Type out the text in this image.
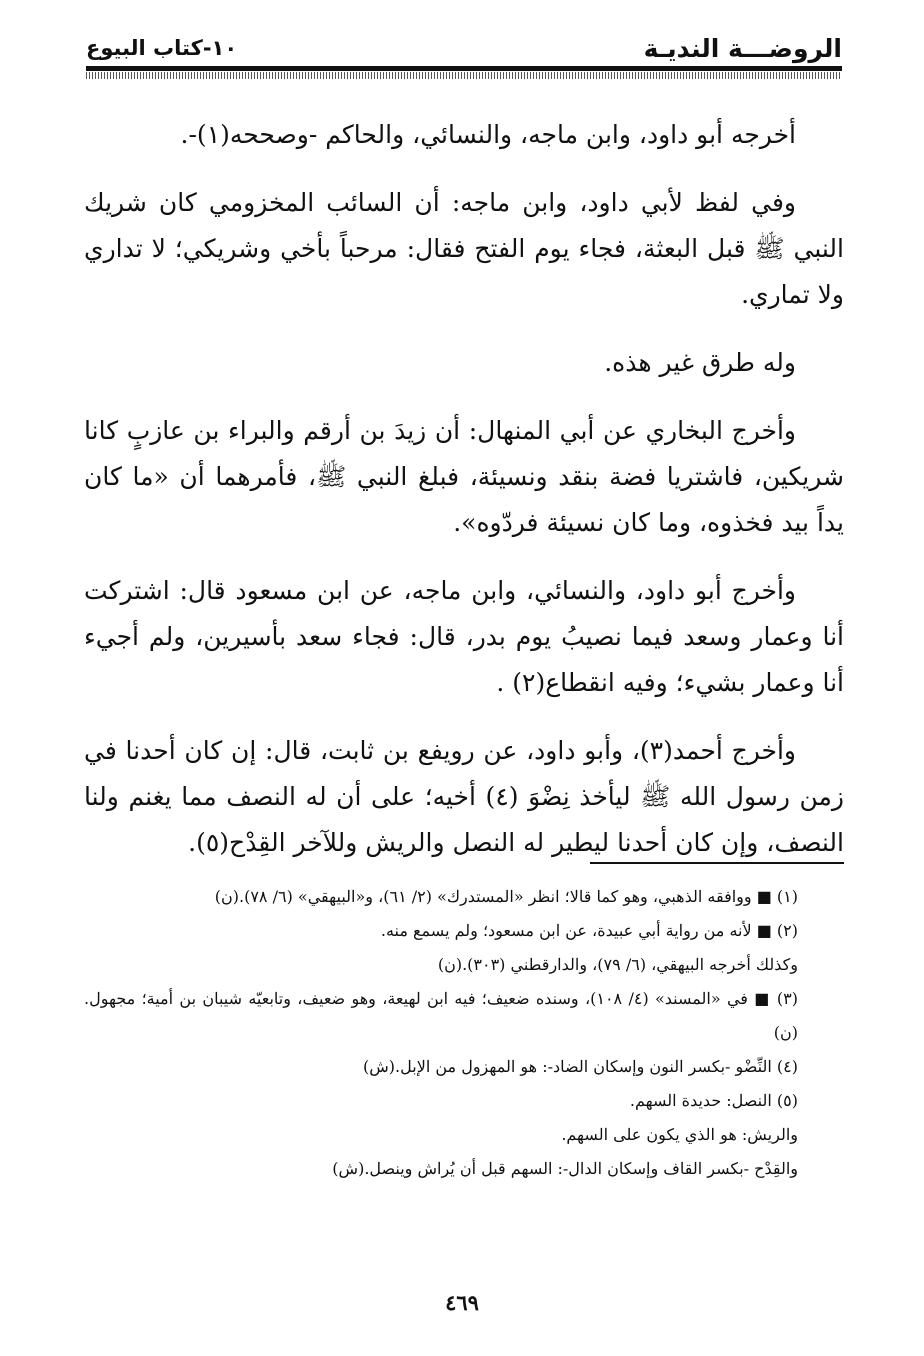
الروضـــة النديـة
١٠-كتاب البيوع

أخرجه أبو داود، وابن ماجه، والنسائي، والحاكم -وصححه(١)-.

وفي لفظ لأبي داود، وابن ماجه: أن السائب المخزومي كان شريك النبي ﷺ قبل البعثة، فجاء يوم الفتح فقال: مرحباً بأخي وشريكي؛ لا تداري ولا تماري.

وله طرق غير هذه.

وأخرج البخاري عن أبي المنهال: أن زيدَ بن أرقم والبراء بن عازبٍ كانا شريكين، فاشتريا فضة بنقد ونسيئة، فبلغ النبي ﷺ، فأمرهما أن «ما كان يداً بيد فخذوه، وما كان نسيئة فردّوه».

وأخرج أبو داود، والنسائي، وابن ماجه، عن ابن مسعود قال: اشتركت أنا وعمار وسعد فيما نصيبُ يوم بدر، قال: فجاء سعد بأسيرين، ولم أجيء أنا وعمار بشيء؛ وفيه انقطاع(٢) .

وأخرج أحمد(٣)، وأبو داود، عن رويفع بن ثابت، قال: إن كان أحدنا في زمن رسول الله ﷺ ليأخذ نِضْوَ (٤) أخيه؛ على أن له النصف مما يغنم ولنا النصف، وإن كان أحدنا ليطير له النصل والريش وللآخر القِدْح(٥).

(١) ■ ووافقه الذهبي، وهو كما قالا؛ انظر «المستدرك» (٢/ ٦١)، و«البيهقي» (٦/ ٧٨).(ن)

(٢) ■ لأنه من رواية أبي عبيدة، عن ابن مسعود؛ ولم يسمع منه.

وكذلك أخرجه البيهقي، (٦/ ٧٩)، والدارقطني (٣٠٣).(ن)

(٣) ■ في «المسند» (٤/ ١٠٨)، وسنده ضعيف؛ فيه ابن لهيعة، وهو ضعيف، وتابعيّه شيبان بن أمية؛ مجهول.(ن)

(٤) النِّضْو -بكسر النون وإسكان الضاد-: هو المهزول من الإبل.(ش)

(٥) النصل: حديدة السهم.

والريش: هو الذي يكون على السهم.

والقِدْح -بكسر القاف وإسكان الدال-: السهم قبل أن يُراش وينصل.(ش)

٤٦٩
